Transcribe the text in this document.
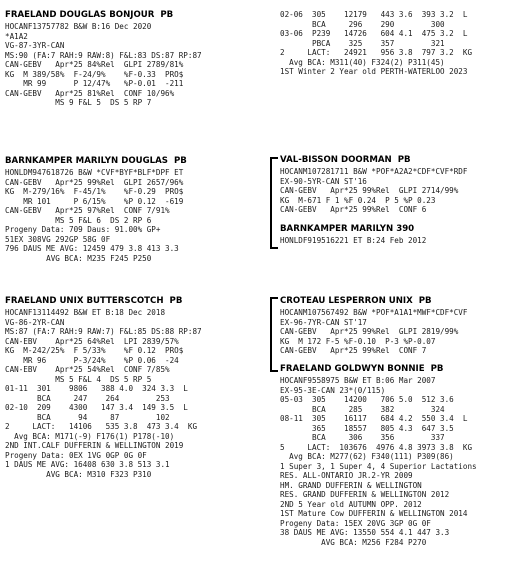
FRAELAND DOUGLAS BONJOUR  PB
HOCANF13757782 B&W B:16 Dec 2020
*A1A2
VG-87-3YR-CAN
MS:90 (FA:7 RAH:9 RAW:8) F&L:83 DS:87 RP:87
CAN-GEBV   Apr*25 84%Rel  GLPI 2789/81%
KG  M 389/58%  F-24/9%    %F-0.33  PRO$
MR 99      P 12/47%   %P-0.01  -211
CAN-GEBV   Apr*25 81%Rel  CONF 10/96%
MS 9 F&L 5  DS 5 RP 7
02-06  305    12179   443 3.6  393 3.2  L
BCA     296    290        300
03-06  P239   14726   604 4.1  475 3.2  L
PBCA    325    357        321
2     LACT:   24921   956 3.8  797 3.2  KG
Avg BCA: M311(40) F324(2) P311(45)
1ST Winter 2 Year old PERTH-WATERLOO 2023
BARNKAMPER MARILYN DOUGLAS  PB
HONLDM947618726 B&W *CVF*BYF*BLF*DPF ET
CAN-GEBV   Apr*25 99%Rel  GLPI 2657/96%
KG  M-279/16%  F-45/1%    %F-0.29  PRO$
MR 101     P 6/15%    %P 0.12  -619
CAN-GEBV   Apr*25 97%Rel  CONF 7/91%
MS 5 F&L 6  DS 2 RP 6
Progeny Data: 709 Daus: 91.00% GP+
51EX 308VG 292GP 58G 0F
796 DAUS ME AVG: 12459 479 3.8 413 3.3
AVG BCA: M235 F245 P250
VAL-BISSON DOORMAN  PB
HOCANM107281711 B&W *POF*A2A2*CDF*CVF*RDF
EX-90-5YR-CAN ST'16
CAN-GEBV   Apr*25 99%Rel  GLPI 2714/99%
KG  M-671 F 1 %F 0.24  P 5 %P 0.23
CAN-GEBV   Apr*25 99%Rel  CONF 6
BARNKAMPER MARILYN 390
HONLDF919516221 ET B:24 Feb 2012
FRAELAND UNIX BUTTERSCOTCH  PB
HOCANF13114492 B&W ET B:18 Dec 2018
VG-86-2YR-CAN
MS:87 (FA:7 RAH:9 RAW:7) F&L:85 DS:88 RP:87
CAN-EBV    Apr*25 64%Rel  LPI 2839/57%
KG  M-242/25%  F 5/33%    %F 0.12  PRO$
MR 96      P-3/24%    %P 0.06  -24
CAN-EBV    Apr*25 54%Rel  CONF 7/85%
MS 5 F&L 4  DS 5 RP 5
01-11  301    9806   388 4.0  324 3.3  L
BCA     247    264        253
02-10  209    4300   147 3.4  149 3.5  L
BCA      94     87        102
2     LACT:   14106   535 3.8  473 3.4  KG
Avg BCA: M171(-9) F176(1) P178(-10)
2ND INT.CALF DUFFERIN & WELLINGTON 2019
Progeny Data: 0EX 1VG 0GP 0G 0F
1 DAUS ME AVG: 16408 630 3.8 513 3.1
AVG BCA: M310 F323 P310
CROTEAU LESPERRON UNIX  PB
HOCANM107567492 B&W *POF*A1A1*MWF*CDF*CVF
EX-96-7YR-CAN ST'17
CAN-GEBV   Apr*25 99%Rel  GLPI 2819/99%
KG  M 172 F-5 %F-0.10  P-3 %P-0.07
CAN-GEBV   Apr*25 99%Rel  CONF 7
FRAELAND GOLDWYN BONNIE  PB
HOCANF9558975 B&W ET B:06 Mar 2007
EX-95-3E-CAN 23*(0/115)
05-03  305    14200   706 5.0  512 3.6
BCA     285    382        324
08-11  305    16117   684 4.2  550 3.4  L
365    18557   805 4.3  647 3.5
BCA     306    356        337
5     LACT:  103676  4976 4.8 3973 3.8  KG
Avg BCA: M277(62) F340(111) P309(86)
1 Super 3, 1 Super 4, 4 Superior Lactations
RES. ALL-ONTARIO JR.2-YR 2009
HM. GRAND DUFFERIN & WELLINGTON
RES. GRAND DUFFERIN & WELLINGTON 2012
2ND 5 Year old AUTUMN OPP. 2012
1ST Mature Cow DUFFERIN & WELLINGTON 2014
Progeny Data: 15EX 20VG 3GP 0G 0F
38 DAUS ME AVG: 13550 554 4.1 447 3.3
AVG BCA: M256 F284 P270
